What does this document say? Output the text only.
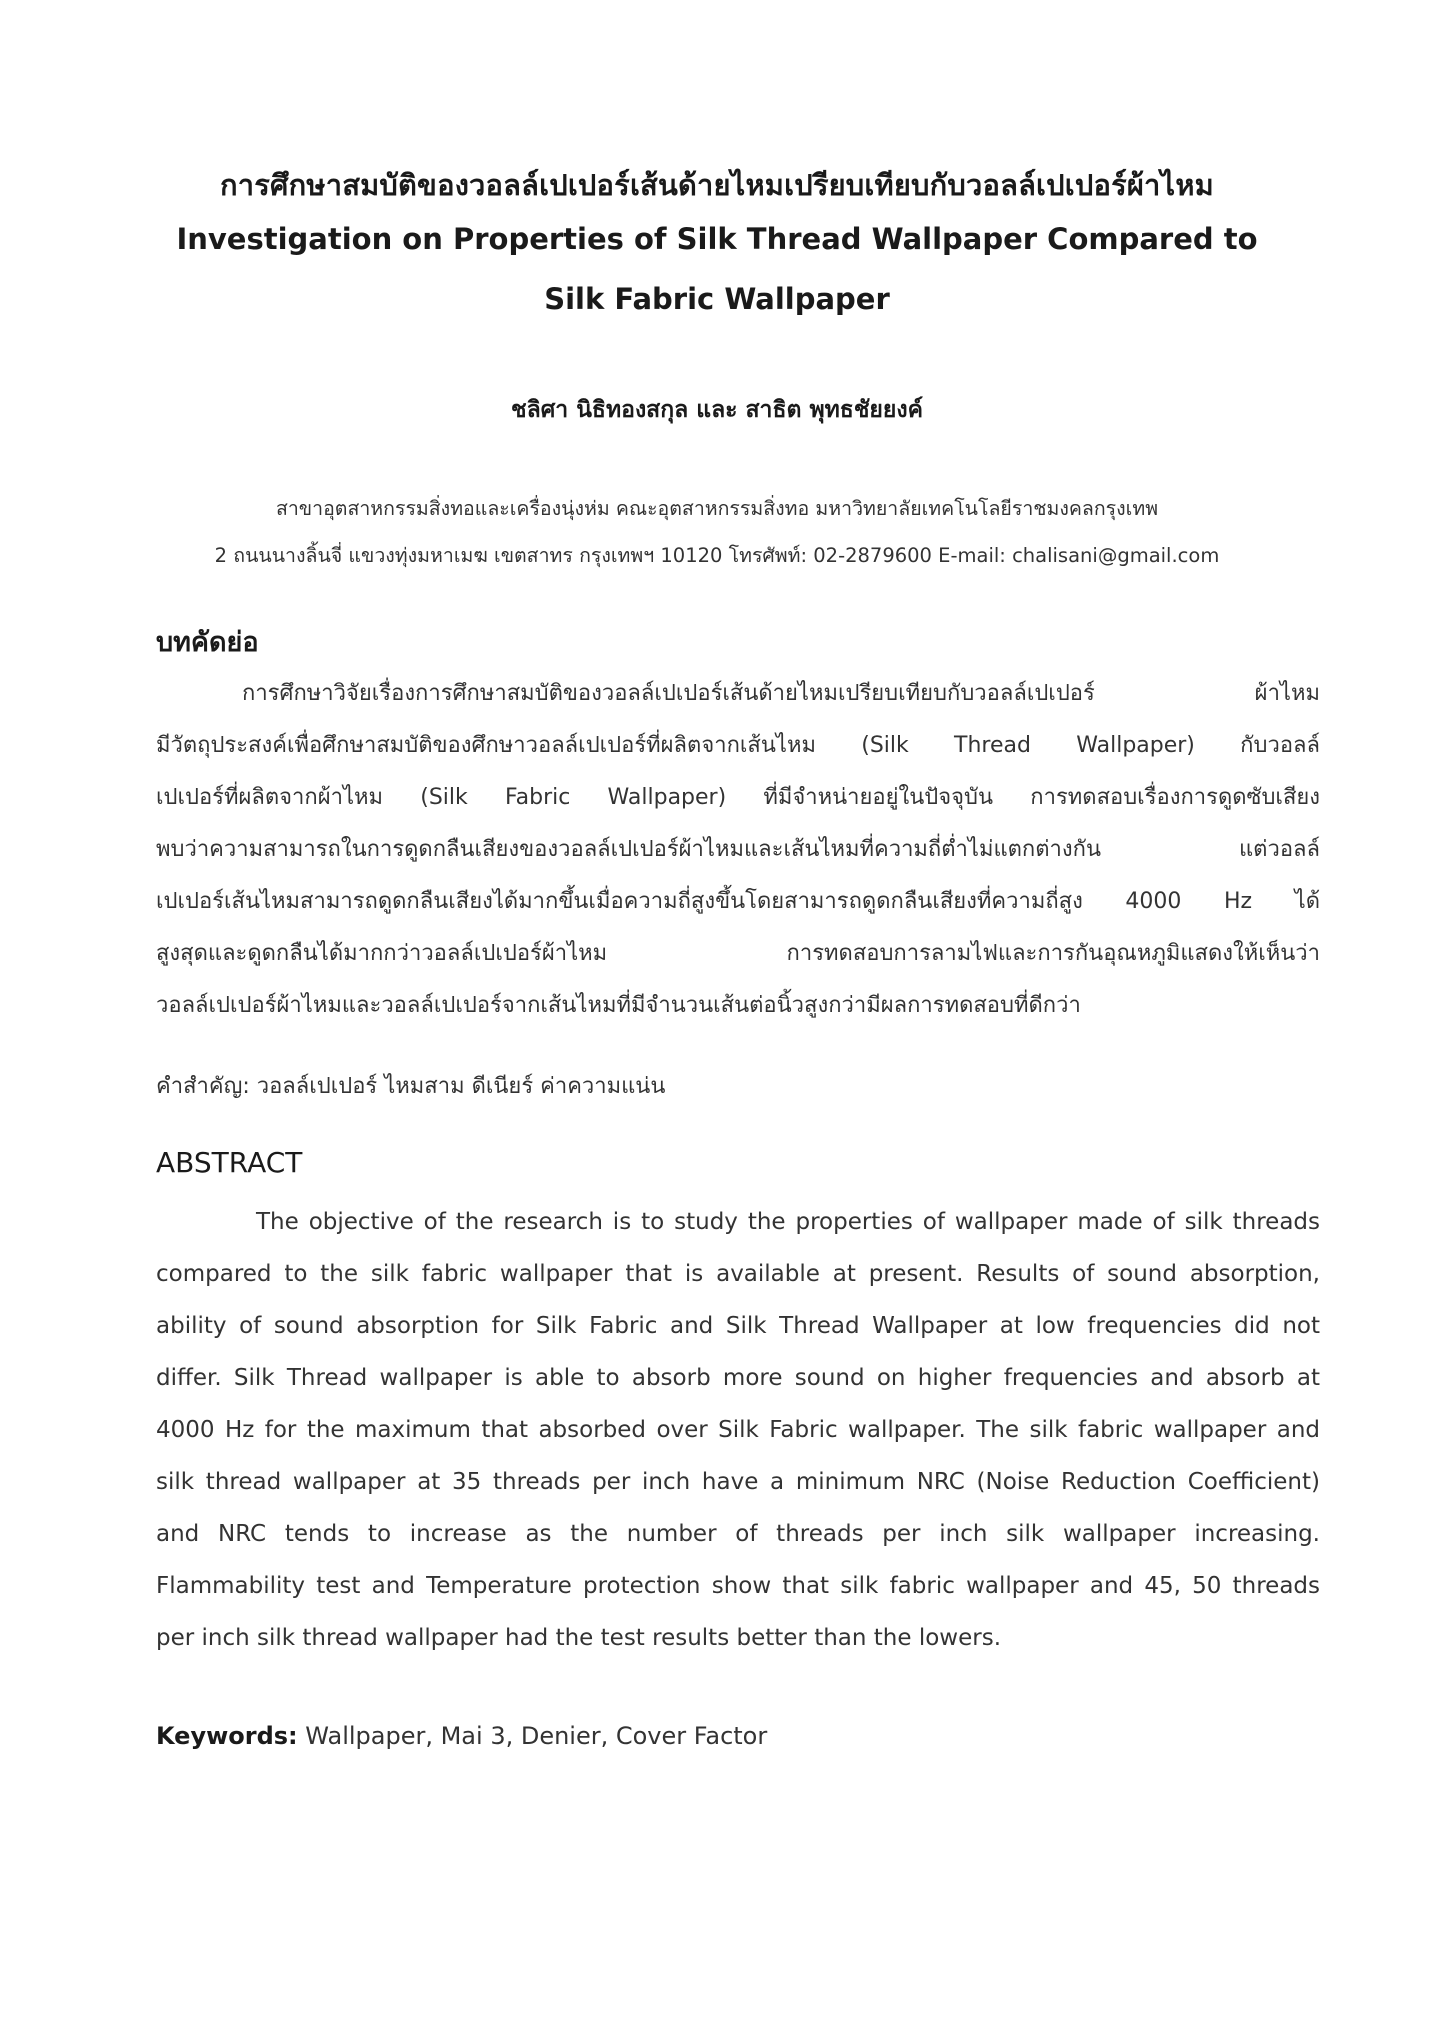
การศึกษาสมบัติของวอลล์เปเปอร์เส้นด้ายไหมเปรียบเทียบกับวอลล์เปเปอร์ผ้าไหม
Investigation on Properties of Silk Thread Wallpaper Compared to
Silk Fabric Wallpaper
ชลิศา นิธิทองสกุล และ สาธิต พุทธชัยยงค์
สาขาอุตสาหกรรมสิ่งทอและเครื่องนุ่งห่ม คณะอุตสาหกรรมสิ่งทอ มหาวิทยาลัยเทคโนโลยีราชมงคลกรุงเทพ
2 ถนนนางลิ้นจี่ แขวงทุ่งมหาเมฆ เขตสาทร กรุงเทพฯ 10120 โทรศัพท์: 02-2879600 E-mail: chalisani@gmail.com
บทคัดย่อ
การศึกษาวิจัยเรื่องการศึกษาสมบัติของวอลล์เปเปอร์เส้นด้ายไหมเปรียบเทียบกับวอลล์เปเปอร์ ผ้าไหม
มีวัตถุประสงค์เพื่อศึกษาสมบัติของศึกษาวอลล์เปเปอร์ที่ผลิตจากเส้นไหม (Silk Thread Wallpaper) กับวอลล์
เปเปอร์ที่ผลิตจากผ้าไหม (Silk Fabric Wallpaper) ที่มีจำหน่ายอยู่ในปัจจุบัน การทดสอบเรื่องการดูดซับเสียง
พบว่าความสามารถในการดูดกลืนเสียงของวอลล์เปเปอร์ผ้าไหมและเส้นไหมที่ความถี่ต่ำไม่แตกต่างกัน แต่วอลล์
เปเปอร์เส้นไหมสามารถดูดกลืนเสียงได้มากขึ้นเมื่อความถี่สูงขึ้นโดยสามารถดูดกลืนเสียงที่ความถี่สูง 4000 Hz ได้
สูงสุดและดูดกลืนได้มากกว่าวอลล์เปเปอร์ผ้าไหม การทดสอบการลามไฟและการกันอุณหภูมิแสดงให้เห็นว่า
วอลล์เปเปอร์ผ้าไหมและวอลล์เปเปอร์จากเส้นไหมที่มีจำนวนเส้นต่อนิ้วสูงกว่ามีผลการทดสอบที่ดีกว่า
คำสำคัญ: วอลล์เปเปอร์ ไหมสาม ดีเนียร์ ค่าความแน่น
ABSTRACT
The objective of the research is to study the properties of wallpaper made of silk threads
compared to the silk fabric wallpaper that is available at present. Results of sound absorption,
ability of sound absorption for Silk Fabric and Silk Thread Wallpaper at low frequencies did not
differ. Silk Thread wallpaper is able to absorb more sound on higher frequencies and absorb at
4000 Hz for the maximum that absorbed over Silk Fabric wallpaper. The silk fabric wallpaper and
silk thread wallpaper at 35 threads per inch have a minimum NRC (Noise Reduction Coefficient)
and NRC tends to increase as the number of threads per inch silk wallpaper increasing.
Flammability test and Temperature protection show that silk fabric wallpaper and 45, 50 threads
per inch silk thread wallpaper had the test results better than the lowers.
Keywords: Wallpaper, Mai 3, Denier, Cover Factor
